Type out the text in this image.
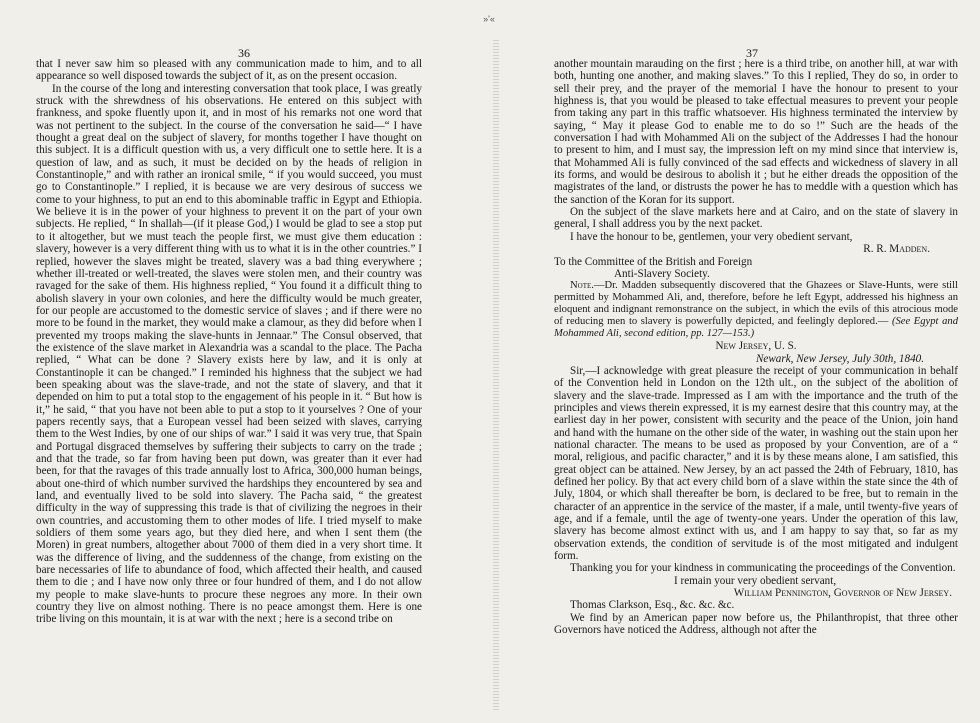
»'«
36	37

that I never saw him so pleased with any communication made to him, and to all appearance so well disposed towards the subject of it, as on the present occasion.

In the course of the long and interesting conversation that took place, I was greatly struck with the shrewdness of his observations. He entered on this subject with frankness, and spoke fluently upon it, and in most of his remarks not one word that was not pertinent to the subject. In the course of the conversation he said—“ I have thought a great deal on the subject of slavery, for months together I have thought on this subject. It is a difficult question with us, a very difficult one to settle here. It is a question of law, and as such, it must be decided on by the heads of religion in Constantinople,” and with rather an ironical smile, “ if you would succeed, you must go to Constantinople.” I replied, it is because we are very desirous of success we come to your highness, to put an end to this abominable traffic in Egypt and Ethiopia. We believe it is in the power of your highness to prevent it on the part of your own subjects. He replied, “ In shallah—(if it please God,) I would be glad to see a stop put to it altogether, but we must teach the people first, we must give them education : slavery, however is a very different thing with us to what it is in the other countries.” I replied, however the slaves might be treated, slavery was a bad thing everywhere ; whether ill-treated or well-treated, the slaves were stolen men, and their country was ravaged for the sake of them. His highness replied, “ You found it a difficult thing to abolish slavery in your own colonies, and here the difficulty would be much greater, for our people are accustomed to the domestic service of slaves ; and if there were no more to be found in the market, they would make a clamour, as they did before when I prevented my troops making the slave-hunts in Jennaar.” The Consul observed, that the existence of the slave market in Alexandria was a scandal to the place. The Pacha replied, “ What can be done ? Slavery exists here by law, and it is only at Constantinople it can be changed.” I reminded his highness that the subject we had been speaking about was the slave-trade, and not the state of slavery, and that it depended on him to put a total stop to the engagement of his people in it. “ But how is it,” he said, “ that you have not been able to put a stop to it yourselves ? One of your papers recently says, that a European vessel had been seized with slaves, carrying them to the West Indies, by one of our ships of war.” I said it was very true, that Spain and Portugal disgraced themselves by suffering their subjects to carry on the trade ; and that the trade, so far from having been put down, was greater than it ever had been, for that the ravages of this trade annually lost to Africa, 300,000 human beings, about one-third of which number survived the hardships they encountered by sea and land, and eventually lived to be sold into slavery. The Pacha said, “ the greatest difficulty in the way of suppressing this trade is that of civilizing the negroes in their own countries, and accustoming them to other modes of life. I tried myself to make soldiers of them some years ago, but they died here, and when I sent them (the Moren) in great numbers, altogether about 7000 of them died in a very short time. It was the difference of living, and the suddenness of the change, from existing on the bare necessaries of life to abundance of food, which affected their health, and caused them to die ; and I have now only three or four hundred of them, and I do not allow my people to make slave-hunts to procure these negroes any more. In their own country they live on almost nothing. There is no peace amongst them. Here is one tribe living on this mountain, it is at war with the next ; here is a second tribe on

another mountain marauding on the first ; here is a third tribe, on another hill, at war with both, hunting one another, and making slaves.” To this I replied, They do so, in order to sell their prey, and the prayer of the memorial I have the honour to present to your highness is, that you would be pleased to take effectual measures to prevent your people from taking any part in this traffic whatsoever. His highness terminated the interview by saying, “ May it please God to enable me to do so !” Such are the heads of the conversation I had with Mohammed Ali on the subject of the Addresses I had the honour to present to him, and I must say, the impression left on my mind since that interview is, that Mohammed Ali is fully convinced of the sad effects and wickedness of slavery in all its forms, and would be desirous to abolish it ; but he either dreads the opposition of the magistrates of the land, or distrusts the power he has to meddle with a question which has the sanction of the Koran for its support.

On the subject of the slave markets here and at Cairo, and on the state of slavery in general, I shall address you by the next packet.

I have the honour to be, gentlemen, your very obedient servant,

R. R. Madden.

To the Committee of the British and Foreign

Anti-Slavery Society.

Note.—Dr. Madden subsequently discovered that the Ghazees or Slave-Hunts, were still permitted by Mohammed Ali, and, therefore, before he left Egypt, addressed his highness an eloquent and indignant remonstrance on the subject, in which the evils of this atrocious mode of reducing men to slavery is powerfully depicted, and feelingly deplored.— (See Egypt and Mohammed Ali, second edition, pp. 127—153.)

New Jersey, U. S.

Newark, New Jersey, July 30th, 1840.

Sir,—I acknowledge with great pleasure the receipt of your communication in behalf of the Convention held in London on the 12th ult., on the subject of the abolition of slavery and the slave-trade. Impressed as I am with the importance and the truth of the principles and views therein expressed, it is my earnest desire that this country may, at the earliest day in her power, consistent with security and the peace of the Union, join hand and hand with the humane on the other side of the water, in washing out the stain upon her national character. The means to be used as proposed by your Convention, are of a “ moral, religious, and pacific character,” and it is by these means alone, I am satisfied, this great object can be attained. New Jersey, by an act passed the 24th of February, 1810, has defined her policy. By that act every child born of a slave within the state since the 4th of July, 1804, or which shall thereafter be born, is declared to be free, but to remain in the character of an apprentice in the service of the master, if a male, until twenty-five years of age, and if a female, until the age of twenty-one years. Under the operation of this law, slavery has become almost extinct with us, and I am happy to say that, so far as my observation extends, the condition of servitude is of the most mitigated and indulgent form.

Thanking you for your kindness in communicating the proceedings of the Convention.

I remain your very obedient servant,

William Pennington, Governor of New Jersey.

Thomas Clarkson, Esq., &c. &c. &c.

We find by an American paper now before us, the Philanthropist, that three other Governors have noticed the Address, although not after the
